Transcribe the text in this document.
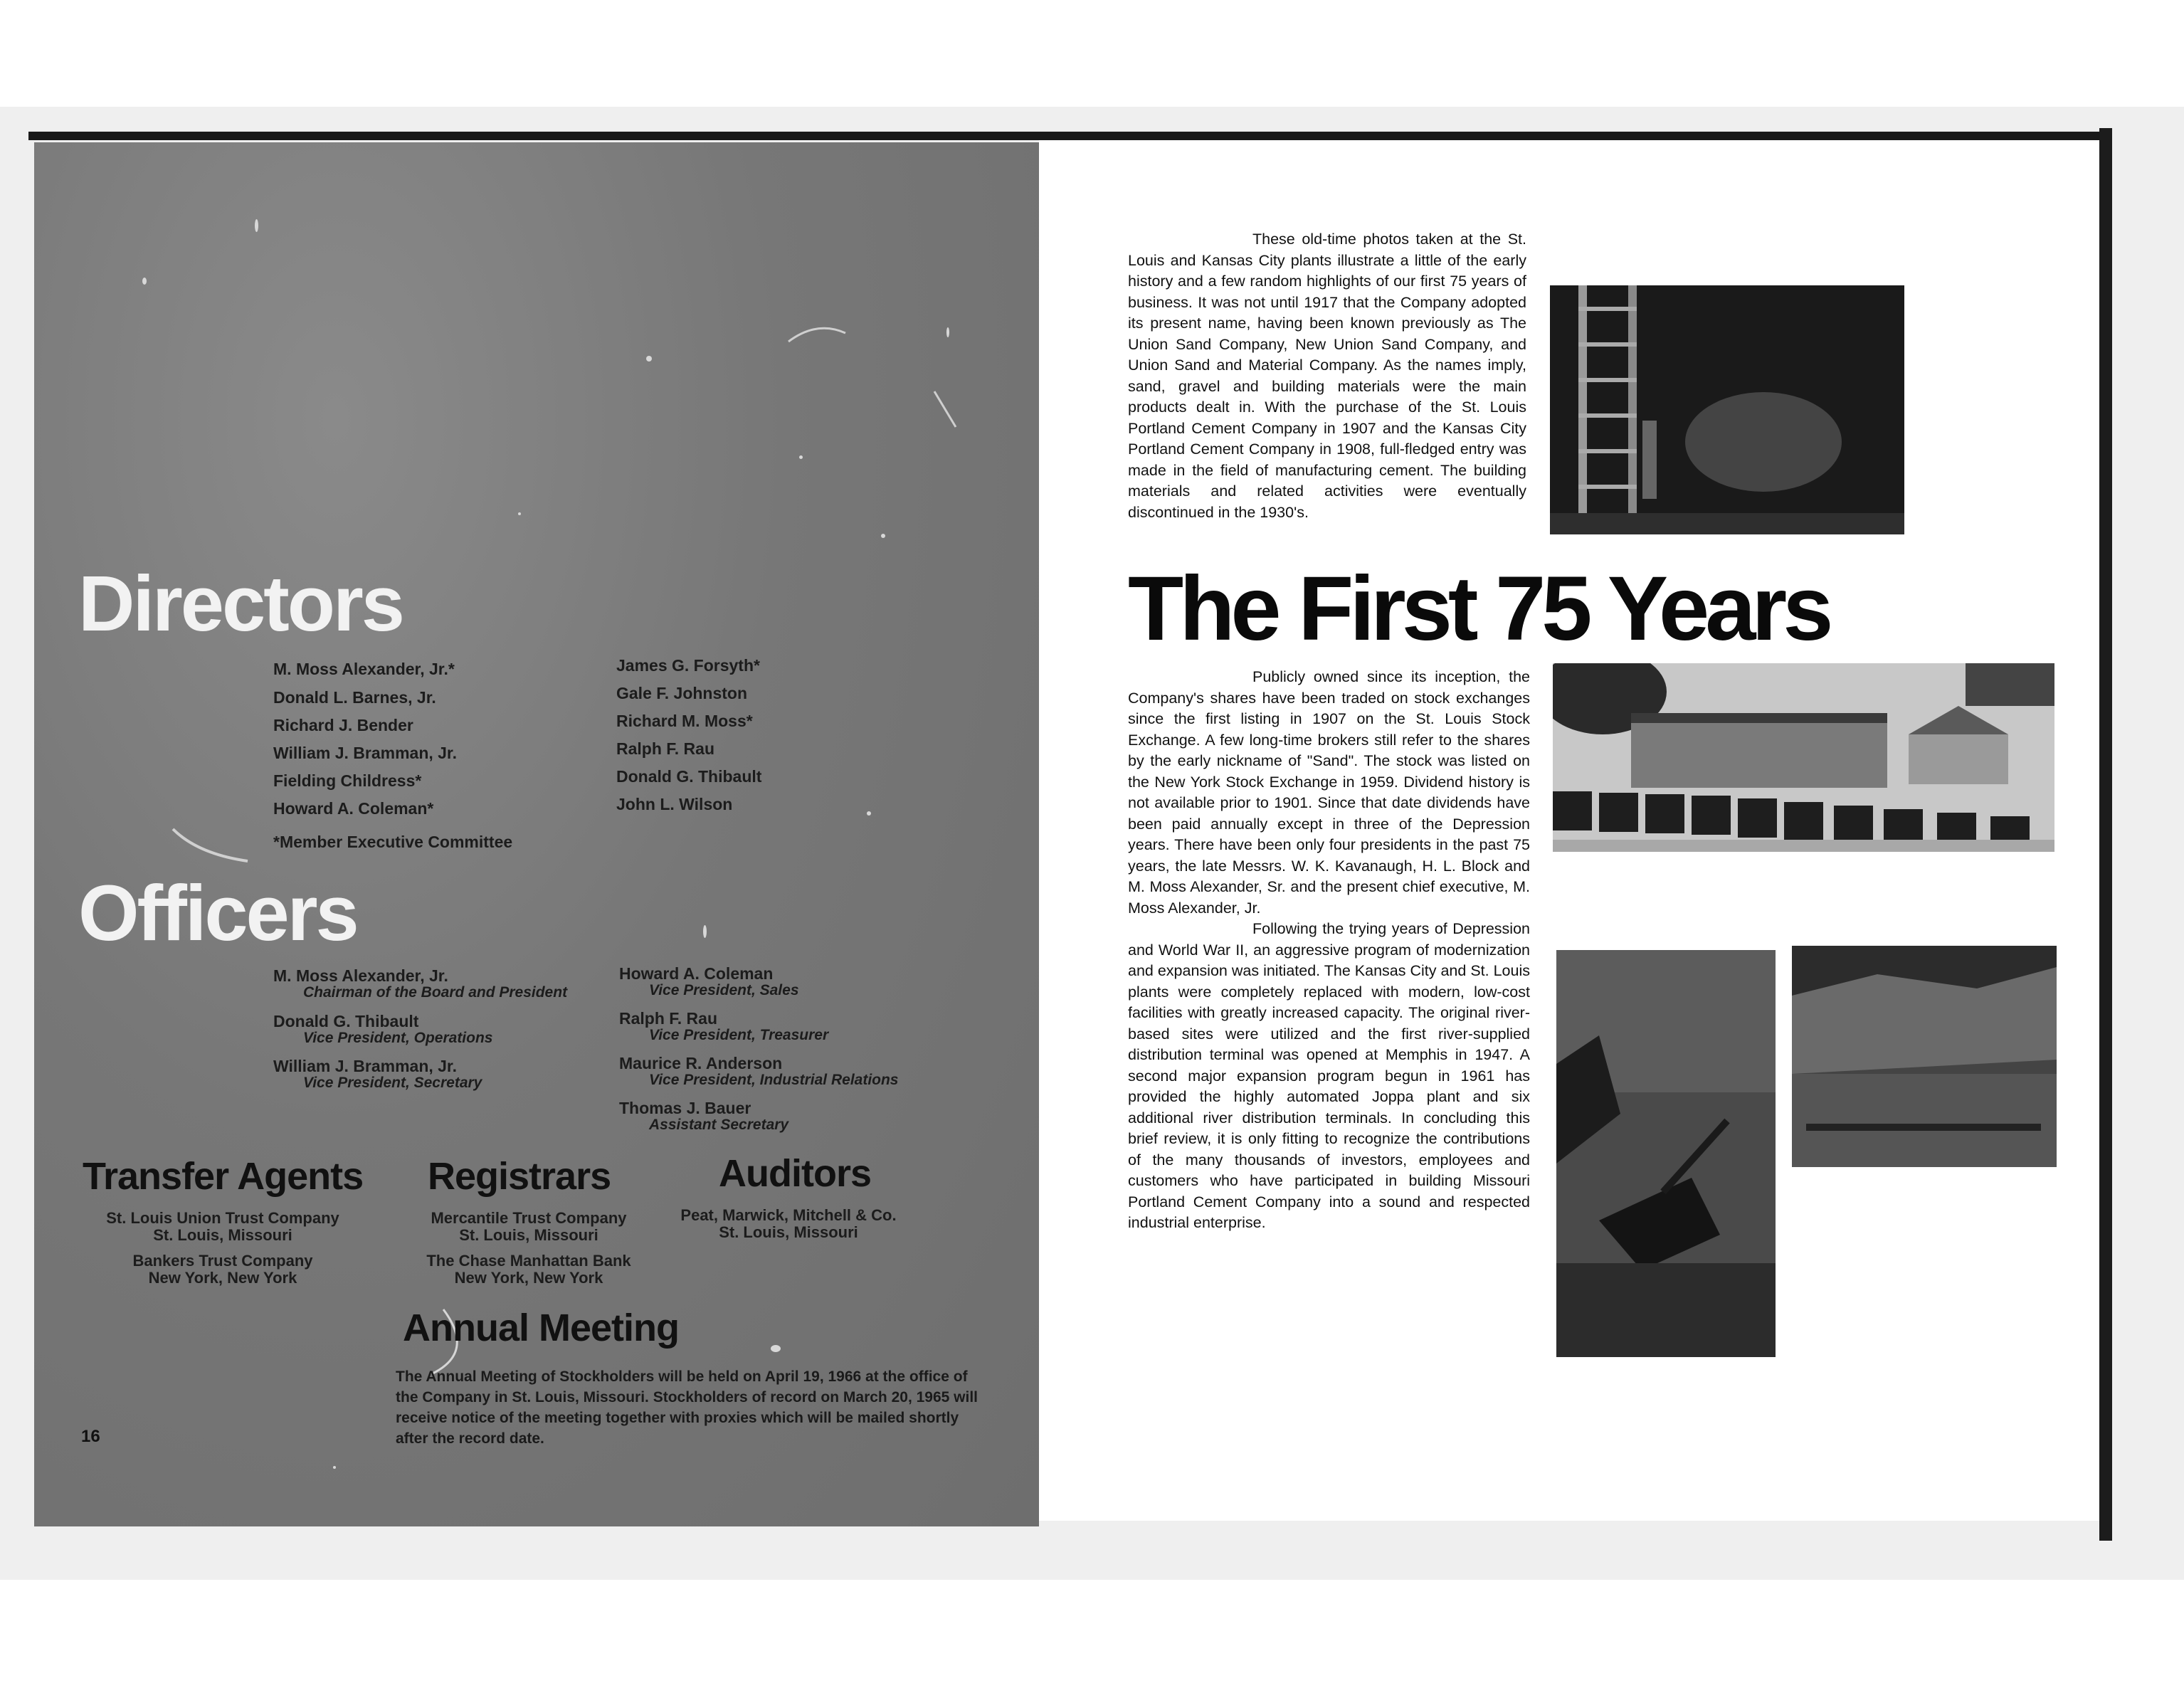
Directors
M. Moss Alexander, Jr.*
Donald L. Barnes, Jr.
Richard J. Bender
William J. Bramman, Jr.
Fielding Childress*
Howard A. Coleman*
James G. Forsyth*
Gale F. Johnston
Richard M. Moss*
Ralph F. Rau
Donald G. Thibault
John L. Wilson
*Member Executive Committee
Officers
M. Moss Alexander, Jr.
Chairman of the Board and President
Donald G. Thibault
Vice President, Operations
William J. Bramman, Jr.
Vice President, Secretary
Howard A. Coleman
Vice President, Sales
Ralph F. Rau
Vice President, Treasurer
Maurice R. Anderson
Vice President, Industrial Relations
Thomas J. Bauer
Assistant Secretary
Transfer Agents
St. Louis Union Trust Company
St. Louis, Missouri
Bankers Trust Company
New York, New York
Registrars
Mercantile Trust Company
St. Louis, Missouri
The Chase Manhattan Bank
New York, New York
Auditors
Peat, Marwick, Mitchell & Co.
St. Louis, Missouri
Annual Meeting
The Annual Meeting of Stockholders will be held on April 19, 1966 at the office of the Company in St. Louis, Missouri. Stockholders of record on March 20, 1965 will receive notice of the meeting together with proxies which will be mailed shortly after the record date.
16

These old-time photos taken at the St. Louis and Kansas City plants illustrate a little of the early history and a few random highlights of our first 75 years of business. It was not until 1917 that the Company adopted its present name, having been known previously as The Union Sand Company, New Union Sand Company, and Union Sand and Material Company. As the names imply, sand, gravel and building materials were the main products dealt in. With the purchase of the St. Louis Portland Cement Company in 1907 and the Kansas City Portland Cement Company in 1908, full-fledged entry was made in the field of manufacturing cement. The building materials and related activities were eventually discontinued in the 1930's.

The First 75 Years

Publicly owned since its inception, the Company's shares have been traded on stock exchanges since the first listing in 1907 on the St. Louis Stock Exchange. A few long-time brokers still refer to the shares by the early nickname of "Sand". The stock was listed on the New York Stock Exchange in 1959. Dividend history is not available prior to 1901. Since that date dividends have been paid annually except in three of the Depression years. There have been only four presidents in the past 75 years, the late Messrs. W. K. Kavanaugh, H. L. Block and M. Moss Alexander, Sr. and the present chief executive, M. Moss Alexander, Jr.

Following the trying years of Depression and World War II, an aggressive program of modernization and expansion was initiated. The Kansas City and St. Louis plants were completely replaced with modern, low-cost facilities with greatly increased capacity. The original river-based sites were utilized and the first river-supplied distribution terminal was opened at Memphis in 1947. A second major expansion program begun in 1961 has provided the highly automated Joppa plant and six additional river distribution terminals. In concluding this brief review, it is only fitting to recognize the contributions of the many thousands of investors, employees and customers who have participated in building Missouri Portland Cement Company into a sound and respected industrial enterprise.
